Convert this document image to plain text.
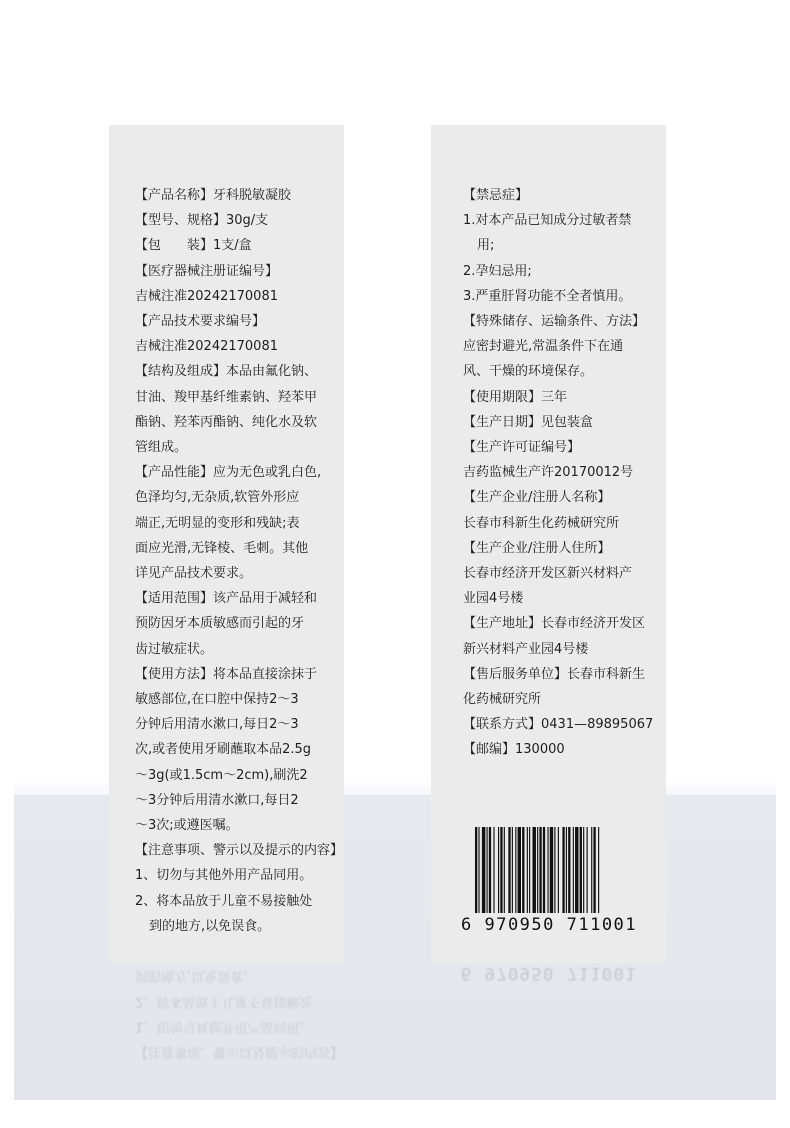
【产品名称】牙科脱敏凝胶
【型号、规格】30g/支
【包　　装】1支/盒
【医疗器械注册证编号】
吉械注准20242170081
【产品技术要求编号】
吉械注准20242170081
【结构及组成】本品由氟化钠、
甘油、羧甲基纤维素钠、羟苯甲
酯钠、羟苯丙酯钠、纯化水及软
管组成。
【产品性能】应为无色或乳白色,
色泽均匀,无杂质,软管外形应
端正,无明显的变形和残缺;表
面应光滑,无锋棱、毛刺。其他
详见产品技术要求。
【适用范围】该产品用于减轻和
预防因牙本质敏感而引起的牙
齿过敏症状。
【使用方法】将本品直接涂抹于
敏感部位,在口腔中保持2～3
分钟后用清水漱口,每日2～3
次,或者使用牙刷蘸取本品2.5g
～3g(或1.5cm～2cm),刷洗2
～3分钟后用清水漱口,每日2
～3次;或遵医嘱。
【注意事项、警示以及提示的内容】
1、切勿与其他外用产品同用。
2、将本品放于儿童不易接触处
到的地方,以免误食。
【禁忌症】
1.对本产品已知成分过敏者禁
用;
2.孕妇忌用;
3.严重肝肾功能不全者慎用。
【特殊储存、运输条件、方法】
应密封避光,常温条件下在通
风、干燥的环境保存。
【使用期限】三年
【生产日期】见包装盒
【生产许可证编号】
吉药监械生产许20170012号
【生产企业/注册人名称】
长春市科新生化药械研究所
【生产企业/注册人住所】
长春市经济开发区新兴材料产
业园4号楼
【生产地址】长春市经济开发区
新兴材料产业园4号楼
【售后服务单位】长春市科新生
化药械研究所
【联系方式】0431—89895067
【邮编】130000
6 970950 711001
【注意事项、警示以及提示的内容】
1、切勿与其他外用产品同用。
2、将本品放于儿童不易接触处
到的地方,以免误食。	6 970950 711001
